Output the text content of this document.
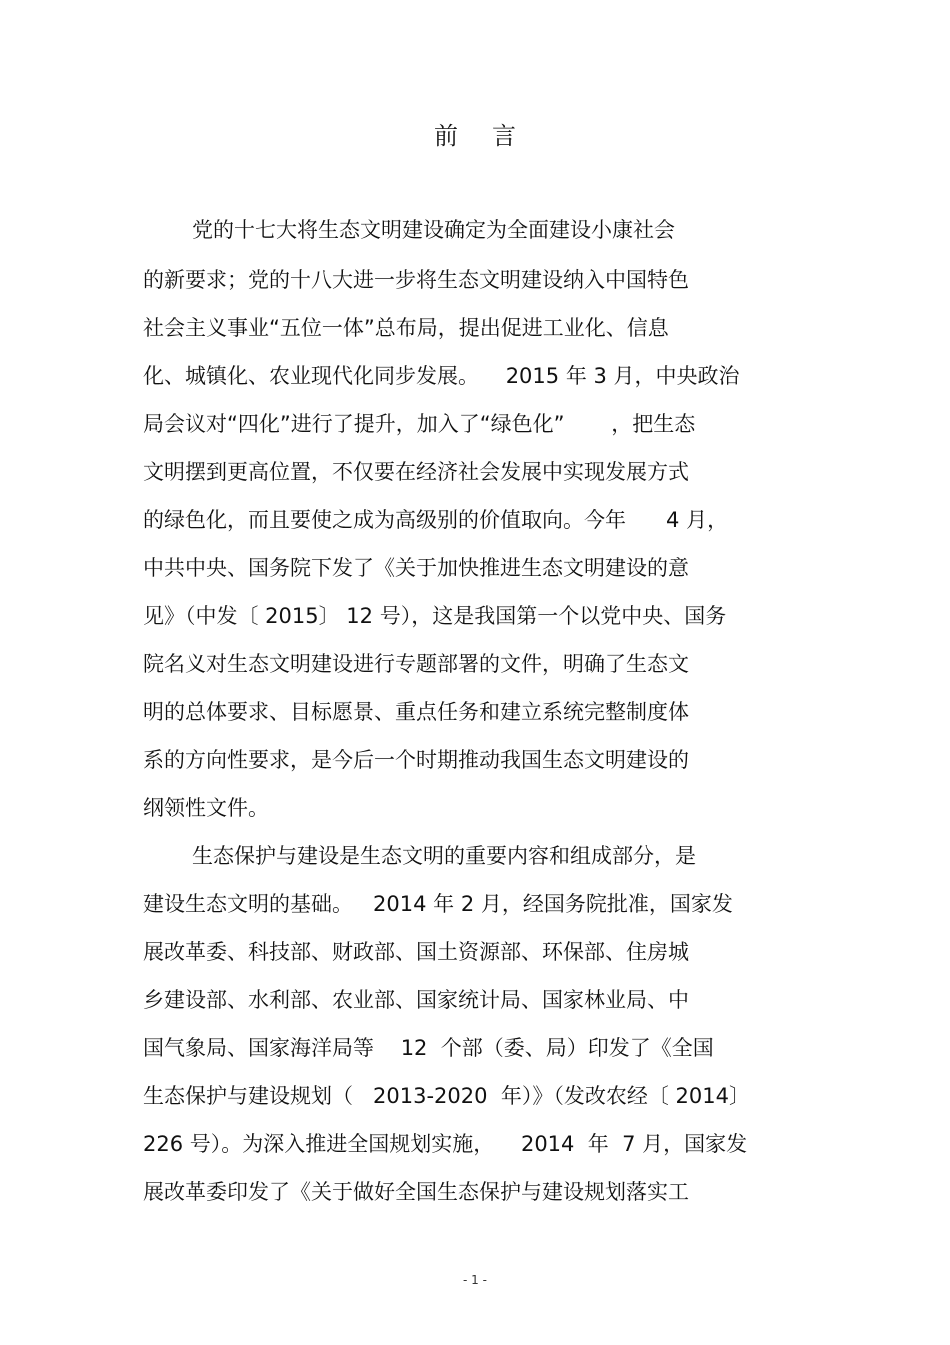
前 言
党的十七大将生态文明建设确定为全面建设小康社会
的新要求；党的十八大进一步将生态文明建设纳入中国特色
社会主义事业“五位一体”总布局，提出促进工业化、信息
化、城镇化、农业现代化同步发展。    2015 年 3 月，中央政治
局会议对“四化”进行了提升，加入了“绿色化”       ，把生态
文明摆到更高位置，不仅要在经济社会发展中实现发展方式
的绿色化，而且要使之成为高级别的价值取向。今年      4 月，
中共中央、国务院下发了《关于加快推进生态文明建设的意
见》（中发〔 2015〕 12 号），这是我国第一个以党中央、国务
院名义对生态文明建设进行专题部署的文件，明确了生态文
明的总体要求、目标愿景、重点任务和建立系统完整制度体
系的方向性要求，是今后一个时期推动我国生态文明建设的
纲领性文件。
生态保护与建设是生态文明的重要内容和组成部分，是
建设生态文明的基础。   2014 年 2 月，经国务院批准，国家发
展改革委、科技部、财政部、国土资源部、环保部、住房城
乡建设部、水利部、农业部、国家统计局、国家林业局、中
国气象局、国家海洋局等    12  个部（委、局）印发了《全国
生态保护与建设规划（   2013-2020  年）》（发改农经〔 2014〕
226 号）。为深入推进全国规划实施，    2014  年  7 月，国家发
展改革委印发了《关于做好全国生态保护与建设规划落实工
- 1 -
